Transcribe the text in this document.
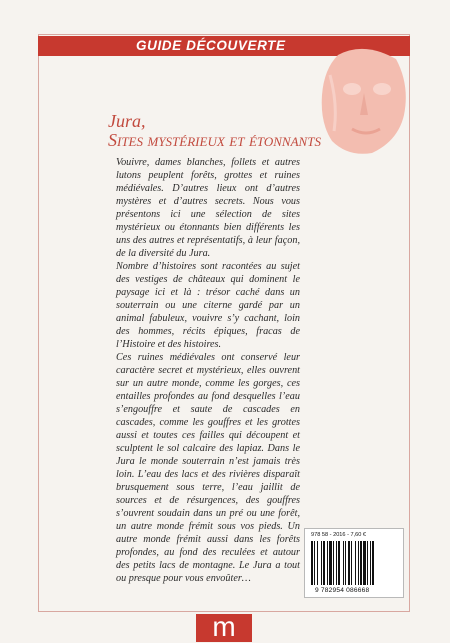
GUIDE DÉCOUVERTE
Jura,
Sites mystérieux et étonnants

Vouivre, dames blanches, follets et autres lutons peuplent forêts, grottes et ruines médiévales. D’autres lieux ont d’autres mystères et d’autres secrets. Nous vous présentons ici une sélection de sites mystérieux ou étonnants bien différents les uns des autres et représentatifs, à leur façon, de la diversité du Jura.

Nombre d’histoires sont racontées au sujet des vestiges de châteaux qui dominent le paysage ici et là : trésor caché dans un souterrain ou une citerne gardé par un animal fabuleux, vouivre s’y cachant, loin des hommes, récits épiques, fracas de l’Histoire et des histoires.

Ces ruines médiévales ont conservé leur caractère secret et mystérieux, elles ouvrent sur un autre monde, comme les gorges, ces entailles profondes au fond desquelles l’eau s’engouffre et saute de cascades en cascades, comme les gouffres et les grottes aussi et toutes ces failles qui découpent et sculptent le sol calcaire des lapiaz. Dans le Jura le monde souterrain n’est jamais très loin. L’eau des lacs et des rivières disparaît brusquement sous terre, l’eau jaillit de sources et de résurgences, des gouffres s’ouvrent soudain dans un pré ou une forêt, un autre monde frémit sous vos pieds. Un autre monde frémit aussi dans les forêts profondes, au fond des reculées et autour des petits lacs de montagne. Le Jura a tout ou presque pour vous envoûter…

978 58 - 2016 - 7,60 €
9 782954 086668
m
